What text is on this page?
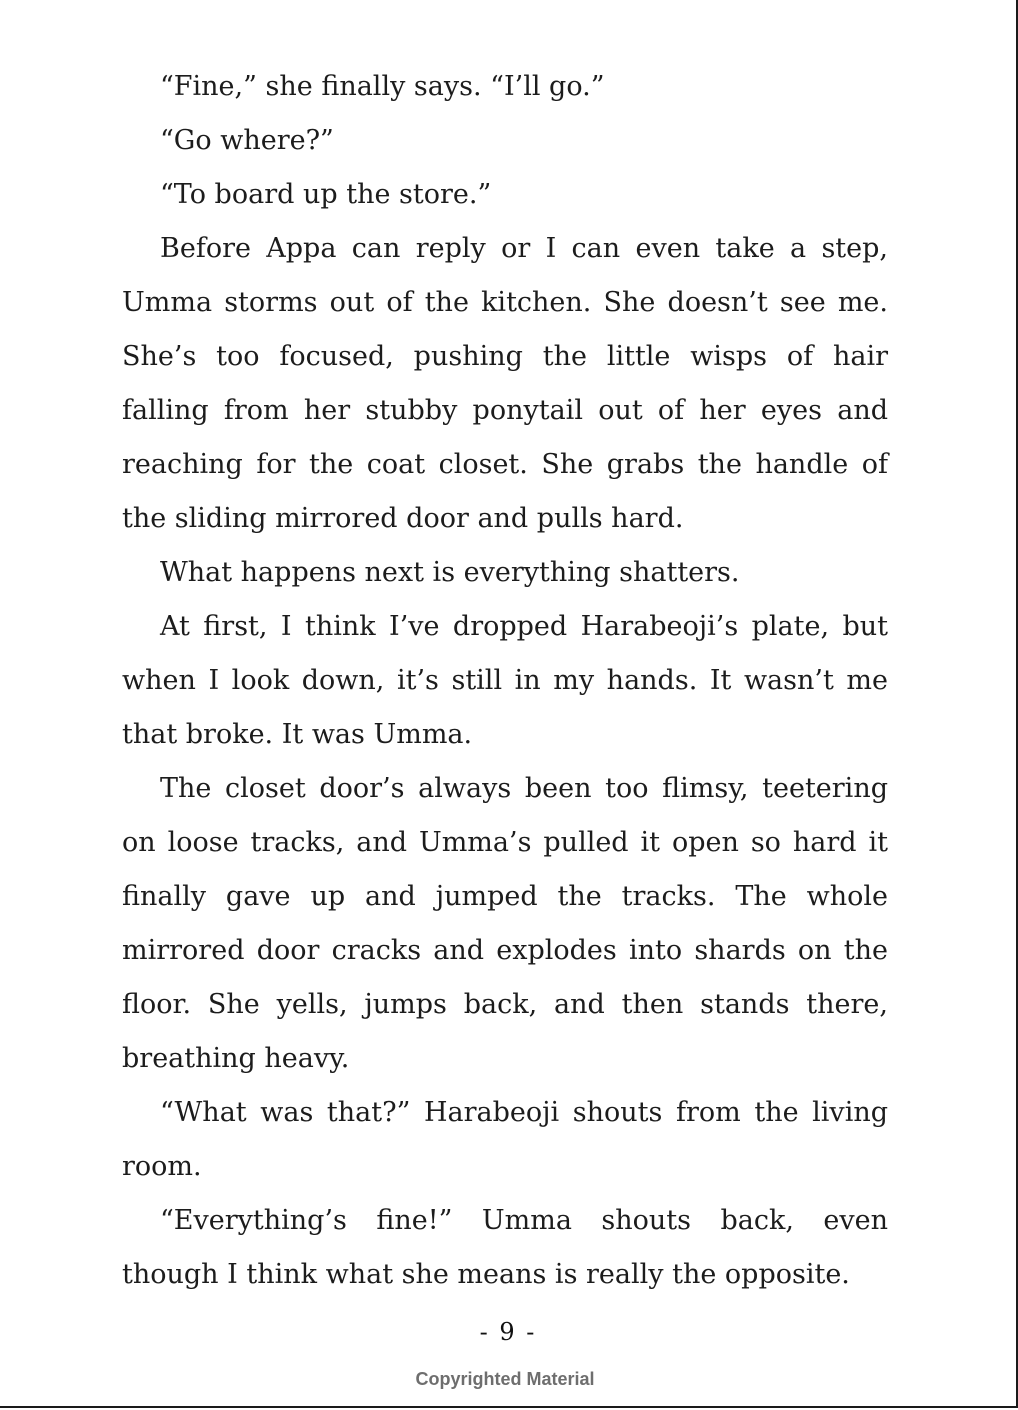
“Fine,” she finally says. “I’ll go.”

“Go where?”

“To board up the store.”

Before Appa can reply or I can even take a step, Umma storms out of the kitchen. She doesn’t see me. She’s too focused, pushing the little wisps of hair falling from her stubby ponytail out of her eyes and reaching for the coat closet. She grabs the handle of the sliding mirrored door and pulls hard.

What happens next is everything shatters.

At first, I think I’ve dropped Harabeoji’s plate, but when I look down, it’s still in my hands. It wasn’t me that broke. It was Umma.

The closet door’s always been too flimsy, teetering on loose tracks, and Umma’s pulled it open so hard it finally gave up and jumped the tracks. The whole mirrored door cracks and explodes into shards on the floor. She yells, jumps back, and then stands there, breathing heavy.

“What was that?” Harabeoji shouts from the living room.

“Everything’s fine!” Umma shouts back, even though I think what she means is really the opposite.

- 9 -
Copyrighted Material
